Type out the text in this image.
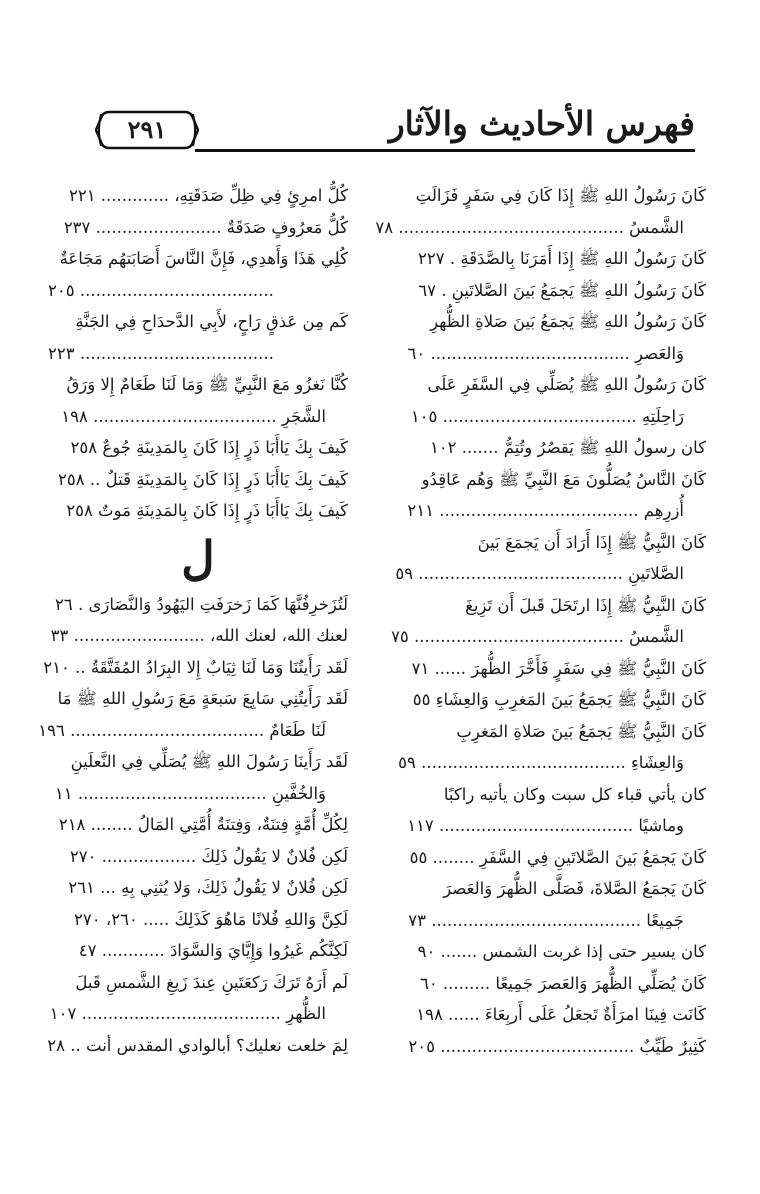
فهرس الأحاديث والآثار
٢٩١
كَانَ رَسُولُ اللهِ ﷺ إِذَا كَانَ فِي سَفَرٍ فَزَالَتِ
الشَّمسُ ........................................... ٧٨
كَانَ رَسُولُ اللهِ ﷺ إِذَا أَمَرَنَا بِالصَّدَقَةِ . ٢٢٧
كَانَ رَسُولُ اللهِ ﷺ يَجمَعُ بَينَ الصَّلاتَينِ . ٦٧
كَانَ رَسُولُ اللهِ ﷺ يَجمَعُ بَينَ صَلاةِ الظُّهرِ
وَالعَصرِ ...................................... ٦٠
كَانَ رَسُولُ اللهِ ﷺ يُصَلِّي فِي السَّفَرِ عَلَى
رَاحِلَتِهِ ..................................... ١٠٥
كان رسولُ اللهِ ﷺ يَقصُرُ وتُتِمُّ ....... ١٠٢
كَانَ النَّاسُ يُصَلُّونَ مَعَ النَّبِيِّ ﷺ وَهُم عَاقِدُو
أُزرِهِم ...................................... ٢١١
كَانَ النَّبِيُّ ﷺ إِذَا أَرَادَ أَن يَجمَعَ بَينَ
الصَّلاتَينِ ....................................... ٥٩
كَانَ النَّبِيُّ ﷺ إِذَا ارتَحَلَ قَبلَ أَن تَزِيغَ
الشَّمسُ ........................................ ٧٥
كَانَ النَّبِيُّ ﷺ فِي سَفَرٍ فَأَخَّرَ الظُّهرَ ...... ٧١
كَانَ النَّبِيُّ ﷺ يَجمَعُ بَينَ المَغرِبِ وَالعِشَاءِ ٥٥
كَانَ النَّبِيُّ ﷺ يَجمَعُ بَينَ صَلاةِ المَغرِبِ
وَالعِشَاءِ ....................................... ٥٩
كان يأتي قباء كل سبت وكان يأتيه راكبًا
وماشيًا ..................................... ١١٧
كَانَ يَجمَعُ بَينَ الصَّلاتَينِ فِي السَّفَرِ ........ ٥٥
كَانَ يَجمَعُ الصَّلاةَ، فَصَلَّى الظُّهرَ وَالعَصرَ
جَمِيعًا ........................................ ٧٣
كان يسير حتى إذا غربت الشمس ....... ٩٠
كَانَ يُصَلِّي الظُّهرَ وَالعَصرَ جَمِيعًا ......... ٦٠
كَانَت فِينَا امرَأَةٌ تَجعَلُ عَلَى أَربِعَاءَ ...... ١٩٨
كَثِيرٌ طَيِّبٌ ..................................... ٢٠٥
كُلُّ امرِئٍ فِي ظِلِّ صَدَقَتِهِ، ............. ٢٢١
كُلُّ مَعرُوفٍ صَدَقَةٌ ........................ ٢٣٧
كُلِي هَذَا وَأَهدِي، فَإِنَّ النَّاسَ أَصَابَتهُم مَجَاعَةٌ
..................................... ٢٠٥
كَم مِن عَذقٍ رَاحٍ، لأَبِي الدَّحدَاحِ فِي الجَنَّةِ
..................................... ٢٢٣
كُنَّا نَغزُو مَعَ النَّبِيِّ ﷺ وَمَا لَنَا طَعَامٌ إِلا وَرَقُ
الشَّجَرِ ................................... ١٩٨
كَيفَ بِكَ يَاأَبَا ذَرٍ إِذَا كَانَ بِالمَدِينَةِ جُوعٌ ٢٥٨
كَيفَ بِكَ يَاأَبَا ذَرٍ إِذَا كَانَ بِالمَدِينَةِ قَتلٌ .. ٢٥٨
كَيفَ بِكَ يَاأَبَا ذَرٍ إِذَا كَانَ بِالمَدِينَةِ مَوتٌ ٢٥٨
ل
لَتُزَخرِفُنَّهَا كَمَا زَخرَفَتِ اليَهُودُ وَالنَّصَارَى . ٢٦
لعنك الله، لعنك الله، ......................... ٣٣
لَقَد رَأَيتُنَا وَمَا لَنَا ثِيَابٌ إِلا البِرَادُ المُفَتَّقَةُ .. ٢١٠
لَقَد رَأَيتُنِي سَابِعَ سَبعَةٍ مَعَ رَسُولِ اللهِ ﷺ مَا
لَنَا طَعَامٌ ..................................... ١٩٦
لَقَد رَأَينَا رَسُولَ اللهِ ﷺ يُصَلِّي فِي النَّعلَينِ
وَالخُفَّينِ .................................... ١١
لِكُلِّ أُمَّةٍ فِتنَةٌ، وَفِتنَةُ أُمَّتِي المَالُ ........ ٢١٨
لَكِن فُلانٌ لا يَقُولُ ذَلِكَ .................. ٢٧٠
لَكِن فُلانٌ لا يَقُولُ ذَلِكَ، وَلا يُثنِي بِهِ ... ٢٦١
لَكِنَّ وَاللهِ فُلانًا مَاهُوَ كَذَلِكَ ..... ٢٦٠، ٢٧٠
لَكِنَّكُم غَيرُوا وَإِيَّايَ وَالسَّوَادَ ............ ٤٧
لَم أَرَهُ تَرَكَ رَكعَتَينِ عِندَ زَيغِ الشَّمسِ قَبلَ
الظُّهرِ ...................................... ١٠٧
لِمَ خلعت نعليك؟ أبالوادي المقدس أنت .. ٢٨
